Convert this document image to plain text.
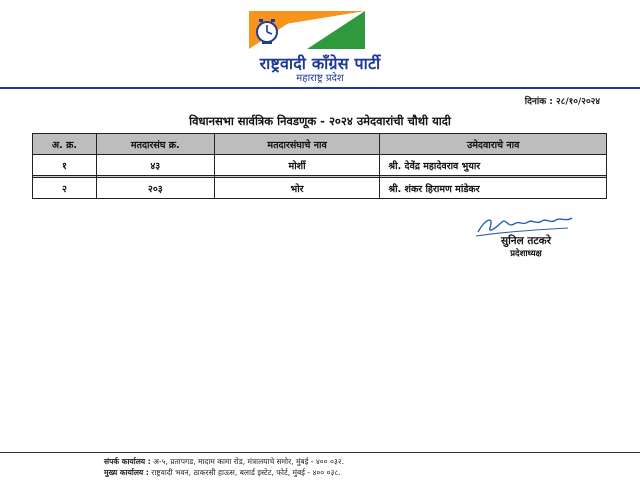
राष्ट्रवादी काँग्रेस पार्टी
महाराष्ट्र प्रदेश
दिनांक : २८/१०/२०२४
विधानसभा सार्वत्रिक निवडणूक - २०२४ उमेदवारांची चौथी यादी
अ. क्र.	मतदारसंघ क्र.	मतदारसंघाचे नाव	उमेदवाराचे नाव
१	४३	मोर्शी	श्री. देवेंद्र महादेवराव भुयार

२	२०३	भोर	श्री. शंकर हिरामण मांडेकर
सुनिल तटकरे
प्रदेशाध्यक्ष
संपर्क कार्यालय : अ-५, प्रतापगड, मादाम कामा रोड, मंत्रालयाचे समोर, मुंबई - ४०० ०३२.
मुख्य कार्यालय : राष्ट्रवादी भवन, ठाकरसी हाऊस, बलार्ड इस्टेट, फोर्ट, मुंबई - ४०० ०३८.
